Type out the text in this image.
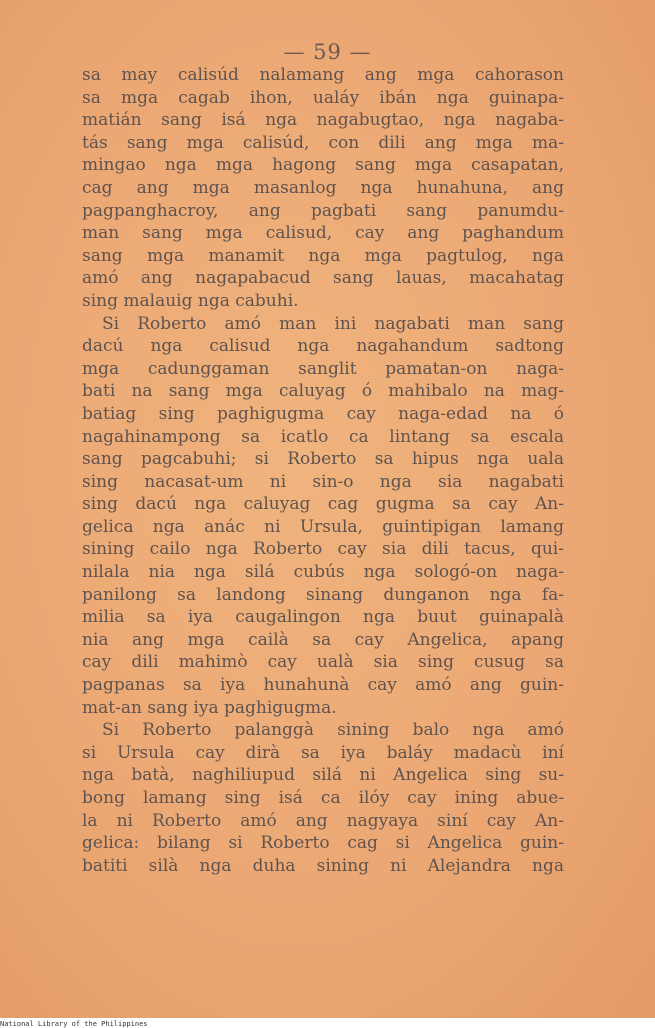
— 59 —
sa may calisúd nalamang ang mga cahorason
sa mga cagab ihon, ualáy ibán nga guinapa-
matián sang isá nga nagabugtao, nga nagaba-
tás sang mga calisúd, con dili ang mga ma-
mingao nga mga hagong sang mga casapatan,
cag ang mga masanlog nga hunahuna, ang
pagpanghacroy, ang pagbati sang panumdu-
man sang mga calisud, cay ang paghandum
sang mga manamit nga mga pagtulog, nga
amó ang nagapabacud sang lauas, macahatag
sing malauig nga cabuhi.
Si Roberto amó man ini nagabati man sang
dacú nga calisud nga nagahandum sadtong
mga cadunggaman sanglit pamatan-on naga-
bati na sang mga caluyag ó mahibalo na mag-
batiag sing paghigugma cay naga-edad na ó
nagahinampong sa icatlo ca lintang sa escala
sang pagcabuhi; si Roberto sa hipus nga uala
sing nacasat-um ni sin-o nga sia nagabati
sing dacú nga caluyag cag gugma sa cay An-
gelica nga anác ni Ursula, guintipigan lamang
sining cailo nga Roberto cay sia dili tacus, qui-
nilala nia nga silá cubús nga sologó-on naga-
panilong sa landong sinang dunganon nga fa-
milia sa iya caugalingon nga buut guinapalà
nia ang mga cailà sa cay Angelica, apang
cay dili mahimò cay ualà sia sing cusug sa
pagpanas sa iya hunahunà cay amó ang guin-
mat-an sang iya paghigugma.
Si Roberto palanggà sining balo nga amó
si Ursula cay dirà sa iya baláy madacù iní
nga batà, naghiliupud silá ni Angelica sing su-
bong lamang sing isá ca ilóy cay ining abue-
la ni Roberto amó ang nagyaya siní cay An-
gelica: bilang si Roberto cag si Angelica guin-
batiti silà nga duha sining ni Alejandra nga
National Library of the Philippines
